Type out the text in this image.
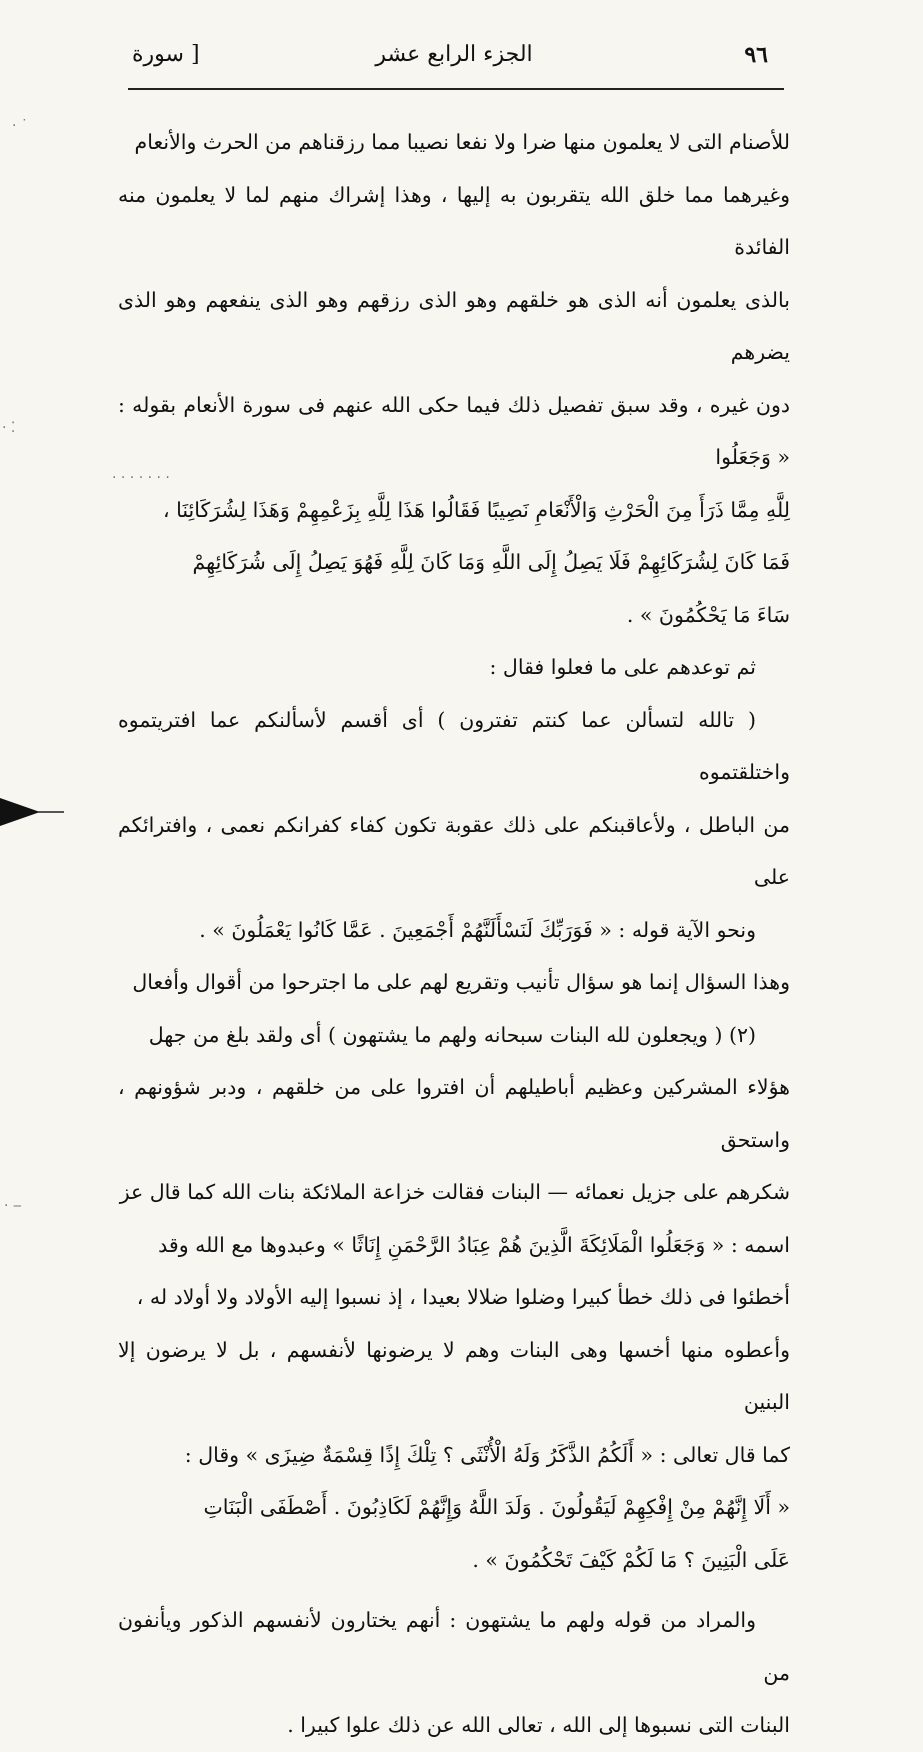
٩٦
الجزء الرابع عشر
[ سورة

للأصنام التى لا يعلمون منها ضرا ولا نفعا نصيبا مما رزقناهم من الحرث والأنعام

وغيرهما مما خلق الله يتقربون به إليها ، وهذا إشراك منهم لما لا يعلمون منه الفائدة

بالذى يعلمون أنه الذى هو خلقهم وهو الذى رزقهم وهو الذى ينفعهم وهو الذى يضرهم

دون غيره ، وقد سبق تفصيل ذلك فيما حكى الله عنهم فى سورة الأنعام بقوله : « وَجَعَلُوا

لِلَّهِ مِمَّا ذَرَأَ مِنَ الْحَرْثِ وَالْأَنْعَامِ نَصِيبًا فَقَالُوا هَذَا لِلَّهِ بِزَعْمِهِمْ وَهَذَا لِشُرَكَائِنَا ،

فَمَا كَانَ لِشُرَكَائِهِمْ فَلَا يَصِلُ إِلَى اللَّهِ وَمَا كَانَ لِلَّهِ فَهُوَ يَصِلُ إِلَى شُرَكَائِهِمْ

سَاءَ مَا يَحْكُمُونَ » .

ثم توعدهم على ما فعلوا فقال :

( تالله لتسألن عما كنتم تفترون ) أى أقسم لأسألنكم عما افتريتموه واختلقتموه

من الباطل ، ولأعاقبنكم على ذلك عقوبة تكون كفاء كفرانكم نعمى ، وافترائكم على

ونحو الآية قوله : « فَوَرَبِّكَ لَنَسْأَلَنَّهُمْ أَجْمَعِينَ . عَمَّا كَانُوا يَعْمَلُونَ » .

وهذا السؤال إنما هو سؤال تأنيب وتقريع لهم على ما اجترحوا من أقوال وأفعال

(٢) ( ويجعلون لله البنات سبحانه ولهم ما يشتهون ) أى ولقد بلغ من جهل

هؤلاء المشركين وعظيم أباطيلهم أن افتروا على من خلقهم ، ودبر شؤونهم ، واستحق

شكرهم على جزيل نعمائه — البنات فقالت خزاعة الملائكة بنات الله كما قال عز

اسمه : « وَجَعَلُوا الْمَلَائِكَةَ الَّذِينَ هُمْ عِبَادُ الرَّحْمَنِ إِنَاثًا » وعبدوها مع الله وقد

أخطئوا فى ذلك خطأ كبيرا وضلوا ضلالا بعيدا ، إذ نسبوا إليه الأولاد ولا أولاد له ،

وأعطوه منها أخسها وهى البنات وهم لا يرضونها لأنفسهم ، بل لا يرضون إلا البنين

كما قال تعالى : « أَلَكُمُ الذَّكَرُ وَلَهُ الْأُنْثَى ؟ تِلْكَ إِذًا قِسْمَةٌ ضِيزَى » وقال :

« أَلَا إِنَّهُمْ مِنْ إِفْكِهِمْ لَيَقُولُونَ . وَلَدَ اللَّهُ وَإِنَّهُمْ لَكَاذِبُونَ . أَصْطَفَى الْبَنَاتِ

عَلَى الْبَنِينَ ؟ مَا لَكُمْ كَيْفَ تَحْكُمُونَ » .

والمراد من قوله ولهم ما يشتهون : أنهم يختارون لأنفسهم الذكور ويأنفون من

البنات التى نسبوها إلى الله ، تعالى الله عن ذلك علوا كبيرا .

˙ ·
⁚ ·
· · · · · · ·
‒ ·
